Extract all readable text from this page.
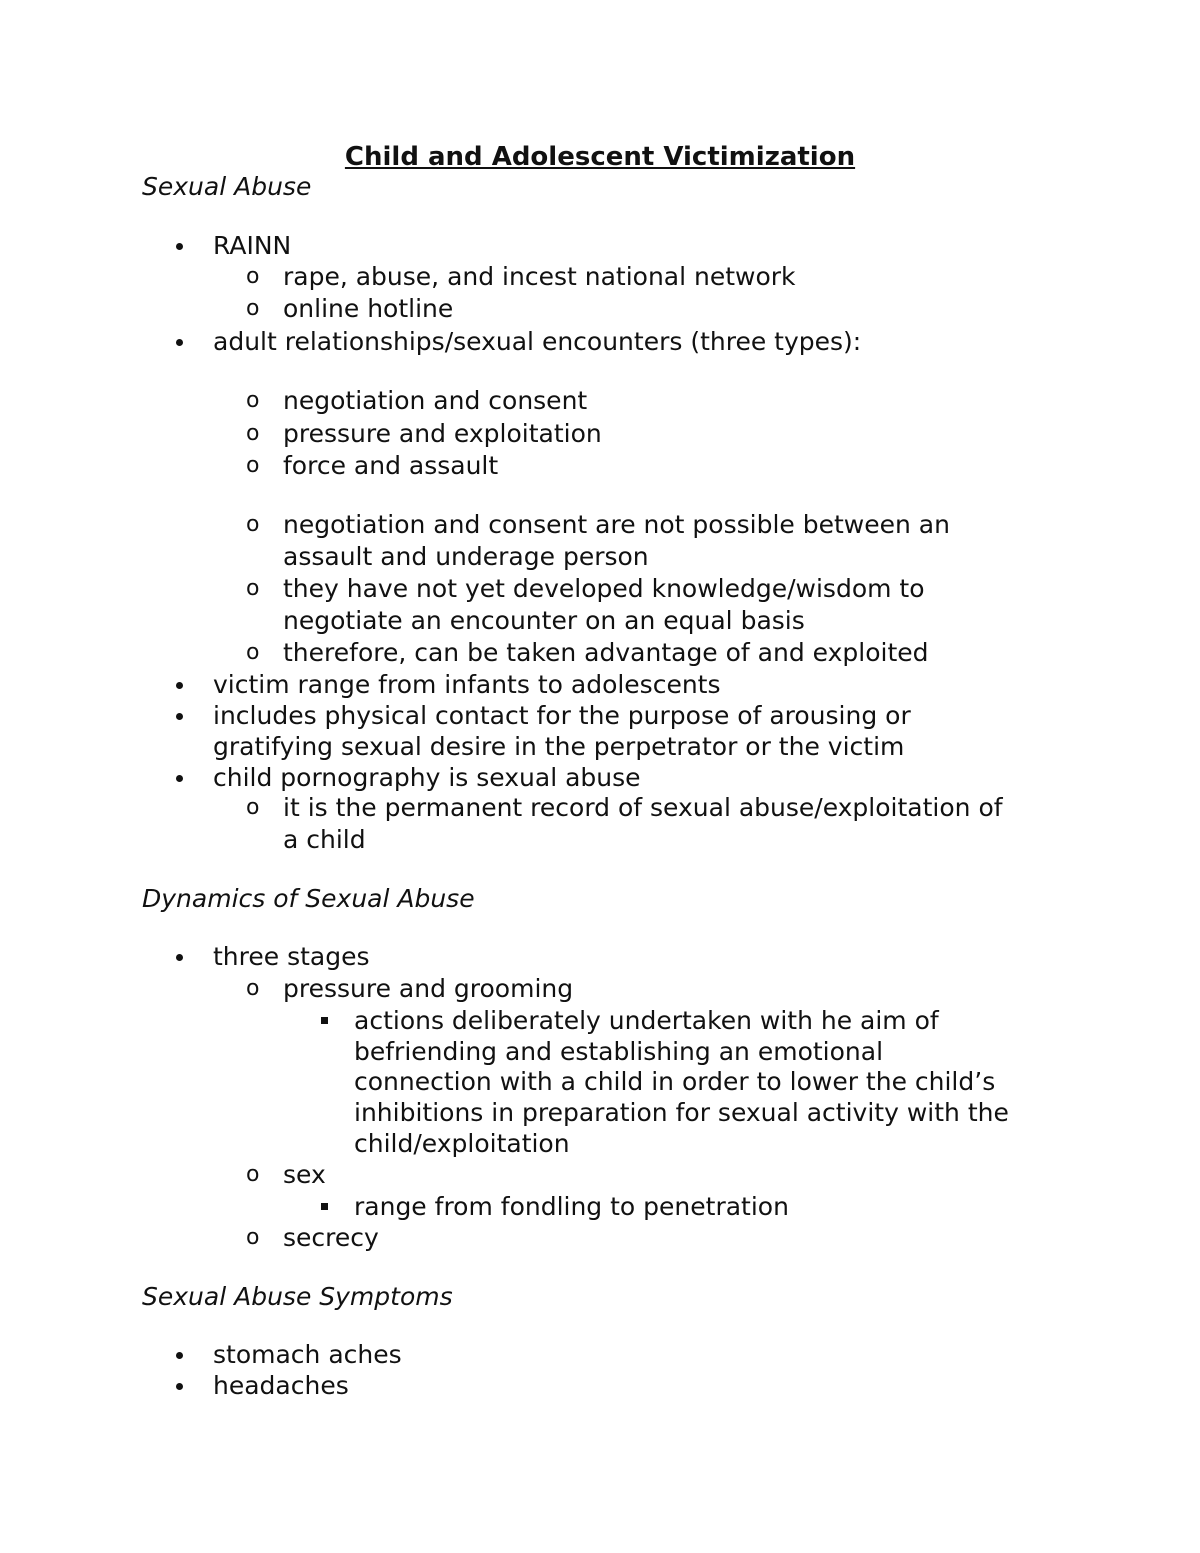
Child and Adolescent Victimization
Sexual Abuse
RAINN
o rape, abuse, and incest national network
o online hotline
adult relationships/sexual encounters (three types):
o negotiation and consent
o pressure and exploitation
o force and assault
o negotiation and consent are not possible between an
assault and underage person
o they have not yet developed knowledge/wisdom to
negotiate an encounter on an equal basis
o therefore, can be taken advantage of and exploited
victim range from infants to adolescents
includes physical contact for the purpose of arousing or
gratifying sexual desire in the perpetrator or the victim
child pornography is sexual abuse
o it is the permanent record of sexual abuse/exploitation of
a child
Dynamics of Sexual Abuse
three stages
o pressure and grooming
actions deliberately undertaken with he aim of
befriending and establishing an emotional
connection with a child in order to lower the child’s
inhibitions in preparation for sexual activity with the
child/exploitation
o sex
range from fondling to penetration
o secrecy
Sexual Abuse Symptoms
stomach aches
headaches
